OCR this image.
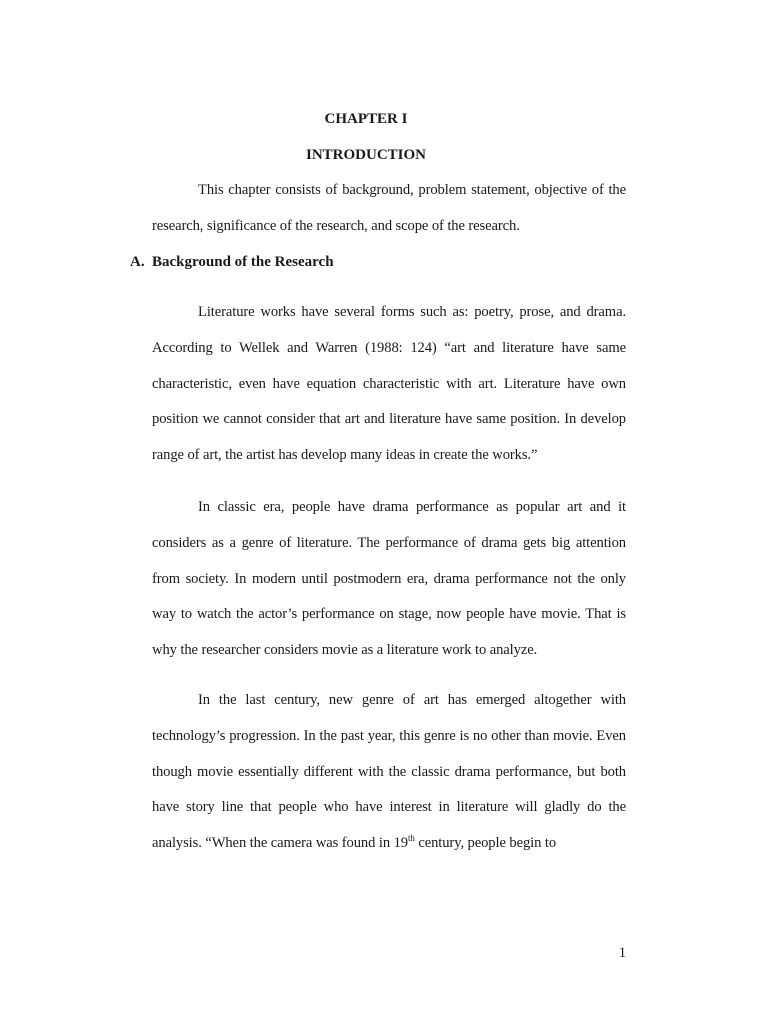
CHAPTER I
INTRODUCTION

This chapter consists of background, problem statement, objective of the research, significance of the research, and scope of the research.

A. Background of the Research

Literature works have several forms such as: poetry, prose, and drama. According to Wellek and Warren (1988: 124) “art and literature have same characteristic, even have equation characteristic with art. Literature have own position we cannot consider that art and literature have same position. In develop range of art, the artist has develop many ideas in create the works.”

In classic era, people have drama performance as popular art and it considers as a genre of literature. The performance of drama gets big attention from society. In modern until postmodern era, drama performance not the only way to watch the actor’s performance on stage, now people have movie. That is why the researcher considers movie as a literature work to analyze.

In the last century, new genre of art has emerged altogether with technology’s progression. In the past year, this genre is no other than movie. Even though movie essentially different with the classic drama performance, but both have story line that people who have interest in literature will gladly do the analysis. “When the camera was found in 19th century, people begin to

1
